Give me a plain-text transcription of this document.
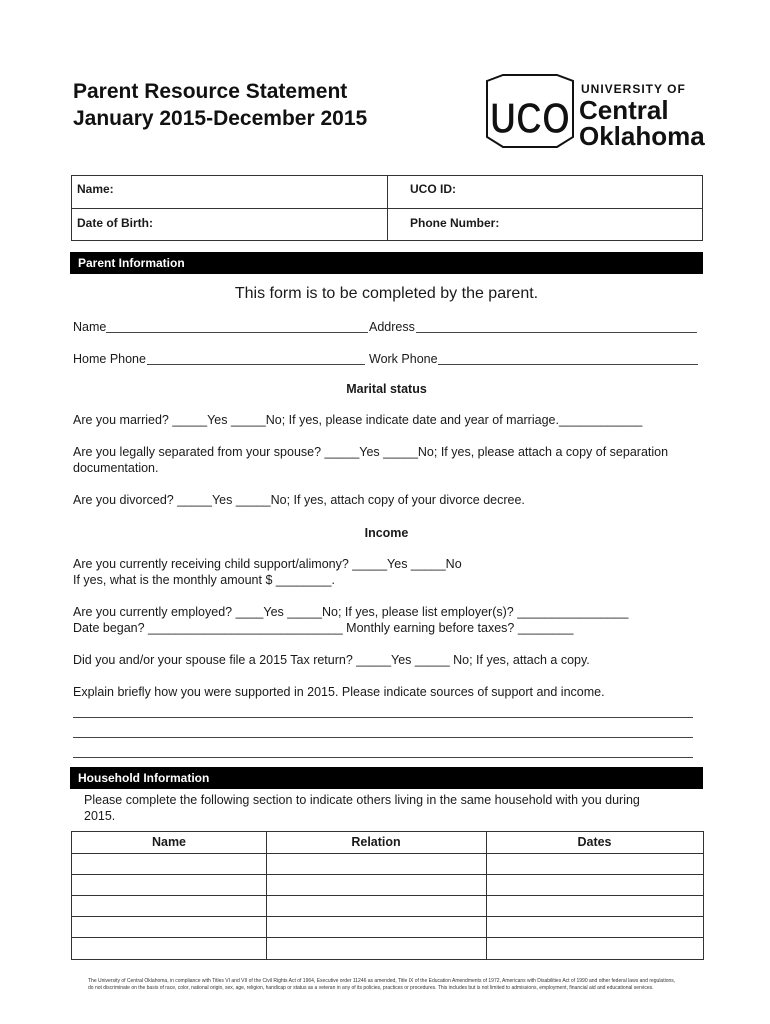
Parent Resource Statement
January 2015-December 2015	UCO
UNIVERSITY OF
Central
Oklahoma
Name:	UCO ID:
Date of Birth:	Phone Number:
Parent Information
This form is to be completed by the parent.
Name	Address
Home Phone	Work Phone
Marital status
Are you married? _____Yes _____No; If yes, please indicate date and year of marriage.____________
Are you legally separated from your spouse? _____Yes _____No; If yes, please attach a copy of separation
documentation.
Are you divorced? _____Yes _____No; If yes, attach copy of your divorce decree.
Income
Are you currently receiving child support/alimony? _____Yes _____No
If yes, what is the monthly amount $ ________.
Are you currently employed? ____Yes _____No; If yes, please list employer(s)? ________________
Date began? ____________________________ Monthly earning before taxes? ________
Did you and/or your spouse file a 2015 Tax return? _____Yes _____ No; If yes, attach a copy.
Explain briefly how you were supported in 2015. Please indicate sources of support and income.
Household Information
Please complete the following section to indicate others living in the same household with you during
2015.
Name	Relation	Dates
The University of Central Oklahoma, in compliance with Titles VI and VII of the Civil Rights Act of 1964, Executive order 11246 as amended, Title IX of the Education Amendments of 1972, Americans with Disabilities Act of 1990 and other federal laws and regulations,
do not discriminate on the basis of race, color, national origin, sex, age, religion, handicap or status as a veteran in any of its policies, practices or procedures. This includes but is not limited to admissions, employment, financial aid and educational services.
